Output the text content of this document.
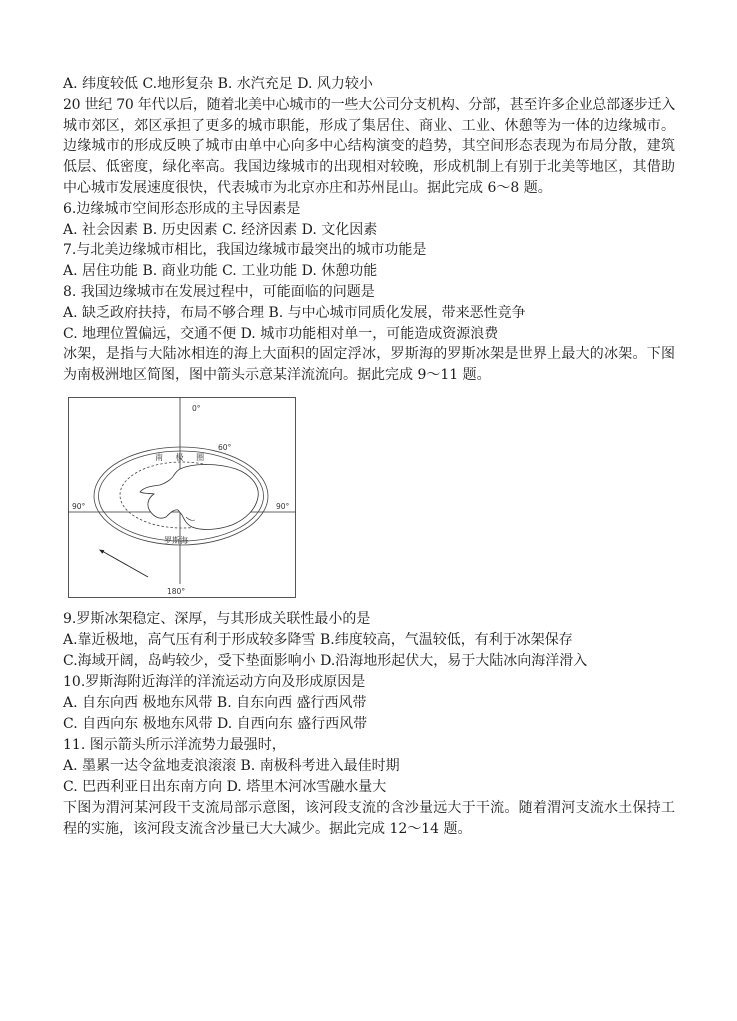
A. 纬度较低 C.地形复杂 B. 水汽充足 D. 风力较小
20 世纪 70 年代以后，随着北美中心城市的一些大公司分支机构、分部，甚至许多企业总部逐步迁入
城市郊区，郊区承担了更多的城市职能，形成了集居住、商业、工业、休憩等为一体的边缘城市。
边缘城市的形成反映了城市由单中心向多中心结构演变的趋势，其空间形态表现为布局分散，建筑
低层、低密度，绿化率高。我国边缘城市的出现相对较晚，形成机制上有别于北美等地区，其借助
中心城市发展速度很快，代表城市为北京亦庄和苏州昆山。据此完成 6～8 题。
6.边缘城市空间形态形成的主导因素是
A. 社会因素 B. 历史因素 C. 经济因素 D. 文化因素
7.与北美边缘城市相比，我国边缘城市最突出的城市功能是
A. 居住功能 B. 商业功能 C. 工业功能 D. 休憩功能
8. 我国边缘城市在发展过程中，可能面临的问题是
A. 缺乏政府扶持，布局不够合理 B. 与中心城市同质化发展，带来恶性竞争
C. 地理位置偏远，交通不便 D. 城市功能相对单一，可能造成资源浪费
冰架，是指与大陆冰相连的海上大面积的固定浮冰，罗斯海的罗斯冰架是世界上最大的冰架。下图
为南极洲地区简图，图中箭头示意某洋流流向。据此完成 9～11 题。
0°
60°
南 极 圈
90°	90°
罗斯海
180°
9.罗斯冰架稳定、深厚，与其形成关联性最小的是
A.靠近极地，高气压有利于形成较多降雪 B.纬度较高，气温较低，有利于冰架保存
C.海域开阔，岛屿较少，受下垫面影响小 D.沿海地形起伏大，易于大陆冰向海洋滑入
10.罗斯海附近海洋的洋流运动方向及形成原因是
A. 自东向西 极地东风带 B. 自东向西 盛行西风带
C. 自西向东 极地东风带 D. 自西向东 盛行西风带
11. 图示箭头所示洋流势力最强时，
A. 墨累一达令盆地麦浪滚滚 B. 南极科考进入最佳时期
C. 巴西利亚日出东南方向 D. 塔里木河冰雪融水量大
下图为渭河某河段干支流局部示意图，该河段支流的含沙量远大于干流。随着渭河支流水土保持工
程的实施，该河段支流含沙量已大大减少。据此完成 12～14 题。
